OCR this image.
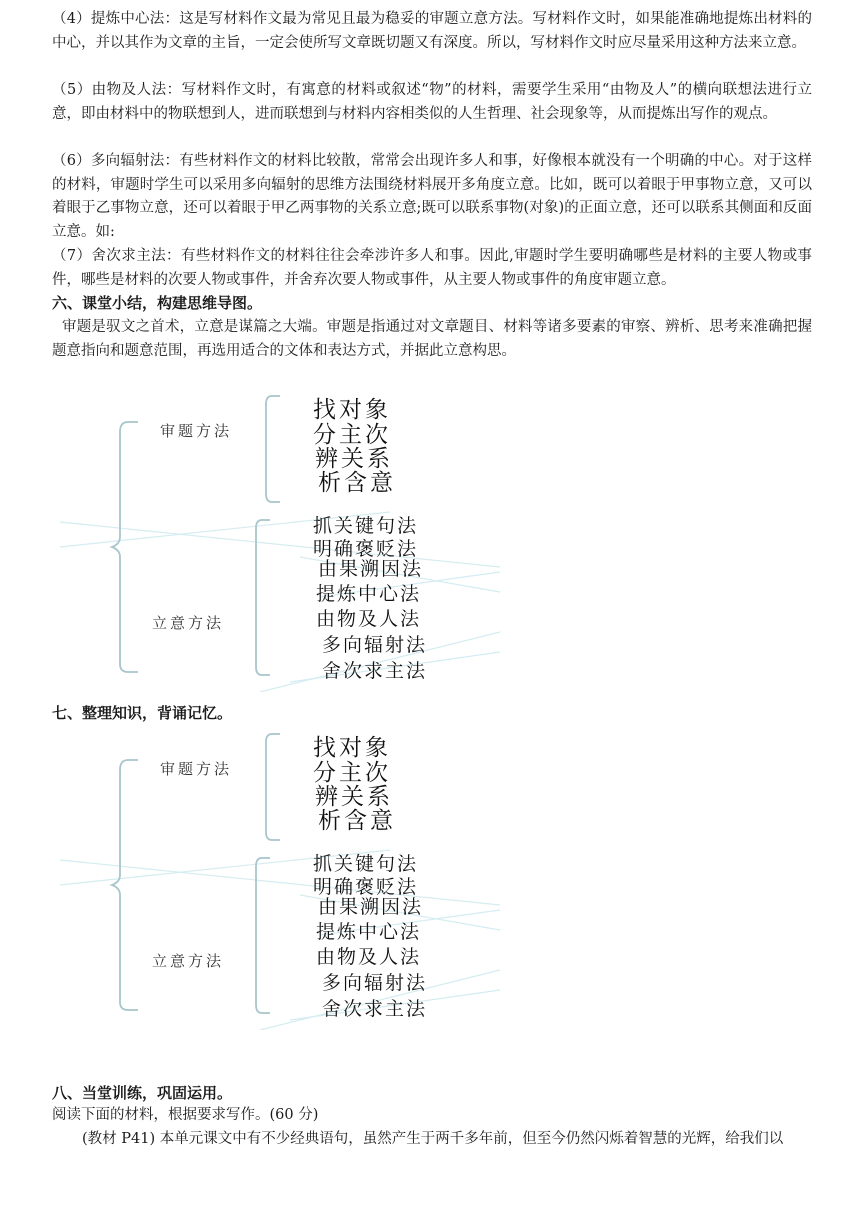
（4）提炼中心法：这是写材料作文最为常见且最为稳妥的审题立意方法。写材料作文时，如果能准确地提炼出材料的中心，并以其作为文章的主旨，一定会使所写文章既切题又有深度。所以，写材料作文时应尽量采用这种方法来立意。

（5）由物及人法：写材料作文时，有寓意的材料或叙述“物”的材料，需要学生采用“由物及人”的横向联想法进行立意，即由材料中的物联想到人，进而联想到与材料内容相类似的人生哲理、社会现象等，从而提炼出写作的观点。

（6）多向辐射法：有些材料作文的材料比较散，常常会出现许多人和事，好像根本就没有一个明确的中心。对于这样的材料，审题时学生可以采用多向辐射的思维方法围绕材料展开多角度立意。比如，既可以着眼于甲事物立意，又可以着眼于乙事物立意，还可以着眼于甲乙两事物的关系立意;既可以联系事物(对象)的正面立意，还可以联系其侧面和反面立意。如:

（7）舍次求主法：有些材料作文的材料往往会牵涉许多人和事。因此,审题时学生要明确哪些是材料的主要人物或事件，哪些是材料的次要人物或事件，并舍弃次要人物或事件，从主要人物或事件的角度审题立意。

六、课堂小结，构建思维导图。

审题是驭文之首术，立意是谋篇之大端。审题是指通过对文章题目、材料等诸多要素的审察、辨析、思考来准确把握题意指向和题意范围，再选用适合的文体和表达方式，并据此立意构思。

审题方法
立意方法
找对象
分主次
辨关系
析含意
抓关键句法
明确褒贬法
由果溯因法
提炼中心法
由物及人法
多向辐射法
舍次求主法
七、整理知识，背诵记忆。
审题方法
立意方法
找对象
分主次
辨关系
析含意
抓关键句法
明确褒贬法
由果溯因法
提炼中心法
由物及人法
多向辐射法
舍次求主法
八、当堂训练，巩固运用。

阅读下面的材料，根据要求写作。(60 分)

(教材 P41) 本单元课文中有不少经典语句，虽然产生于两千多年前，但至今仍然闪烁着智慧的光辉，给我们以
